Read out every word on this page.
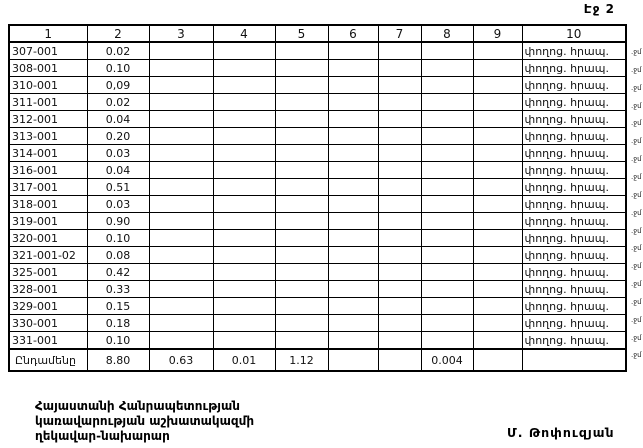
Էջ 2
1	2	3	4	5	6	7	8	9	10
307-001	0.02								փողոց. հրապ.
308-001	0.10								փողոց. հրապ.
310-001	0,09								փողոց. հրապ.
311-001	0.02								փողոց. հրապ.
312-001	0.04								փողոց. հրապ.
313-001	0.20								փողոց. հրապ.
314-001	0.03								փողոց. հրապ.
316-001	0.04								փողոց. հրապ.
317-001	0.51								փողոց. հրապ.
318-001	0.03								փողոց. հրապ.
319-001	0.90								փողոց. հրապ.
320-001	0.10								փողոց. հրապ.
321-001-02	0.08								փողոց. հրապ.
325-001	0.42								փողոց. հրապ.
328-001	0.33								փողոց. հրապ.
329-001	0.15								փողոց. հրապ.
330-001	0.18								փողոց. հրապ.
331-001	0.10								փողոց. հրապ.
Ընդամենը	8.80	0.63	0.01	1.12			0.004		
.ջմ
.ջմ
.ջմ
.ջմ
.ջմ
.ջմ
.ջմ
.ջմ
.ջմ
.ջմ
.ջմ
.ջմ
.ջմ
.ջմ
.ջմ
.ջմ
.ջմ
.ջմ
Հայաստանի Հանրապետության
կառավարության աշխատակազմի
ղեկավար-նախարար	Մ. Թոփուզյան
